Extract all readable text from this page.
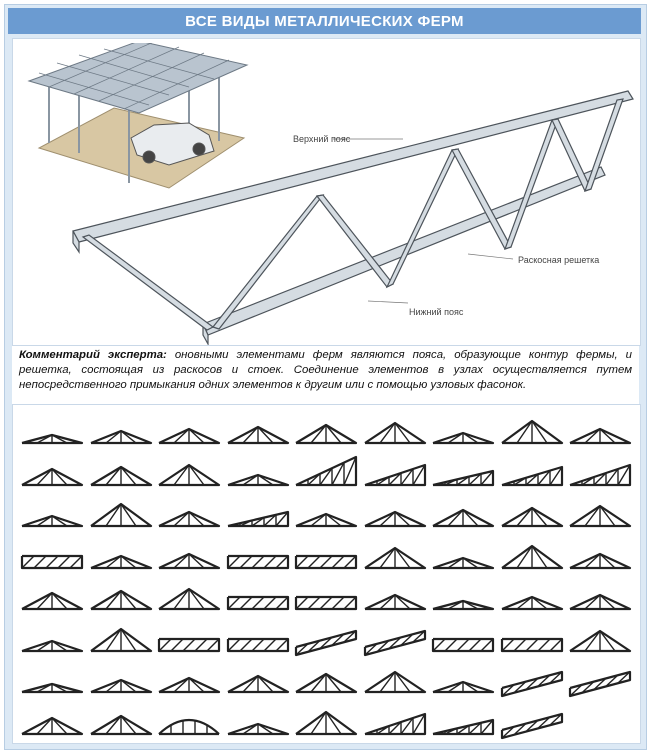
ВСЕ ВИДЫ МЕТАЛЛИЧЕСКИХ ФЕРМ
Верхний пояс
Раскосная решетка
Нижний пояс
Комментарий эксперта: оновными элементами ферм являются пояса, образующие контур фермы, и решетка, состоящая из раскосов и стоек. Соединение элементов в узлах осуществляется путем непосредственного примыкания одних элементов к другим или с помощью узловых фасонок.
